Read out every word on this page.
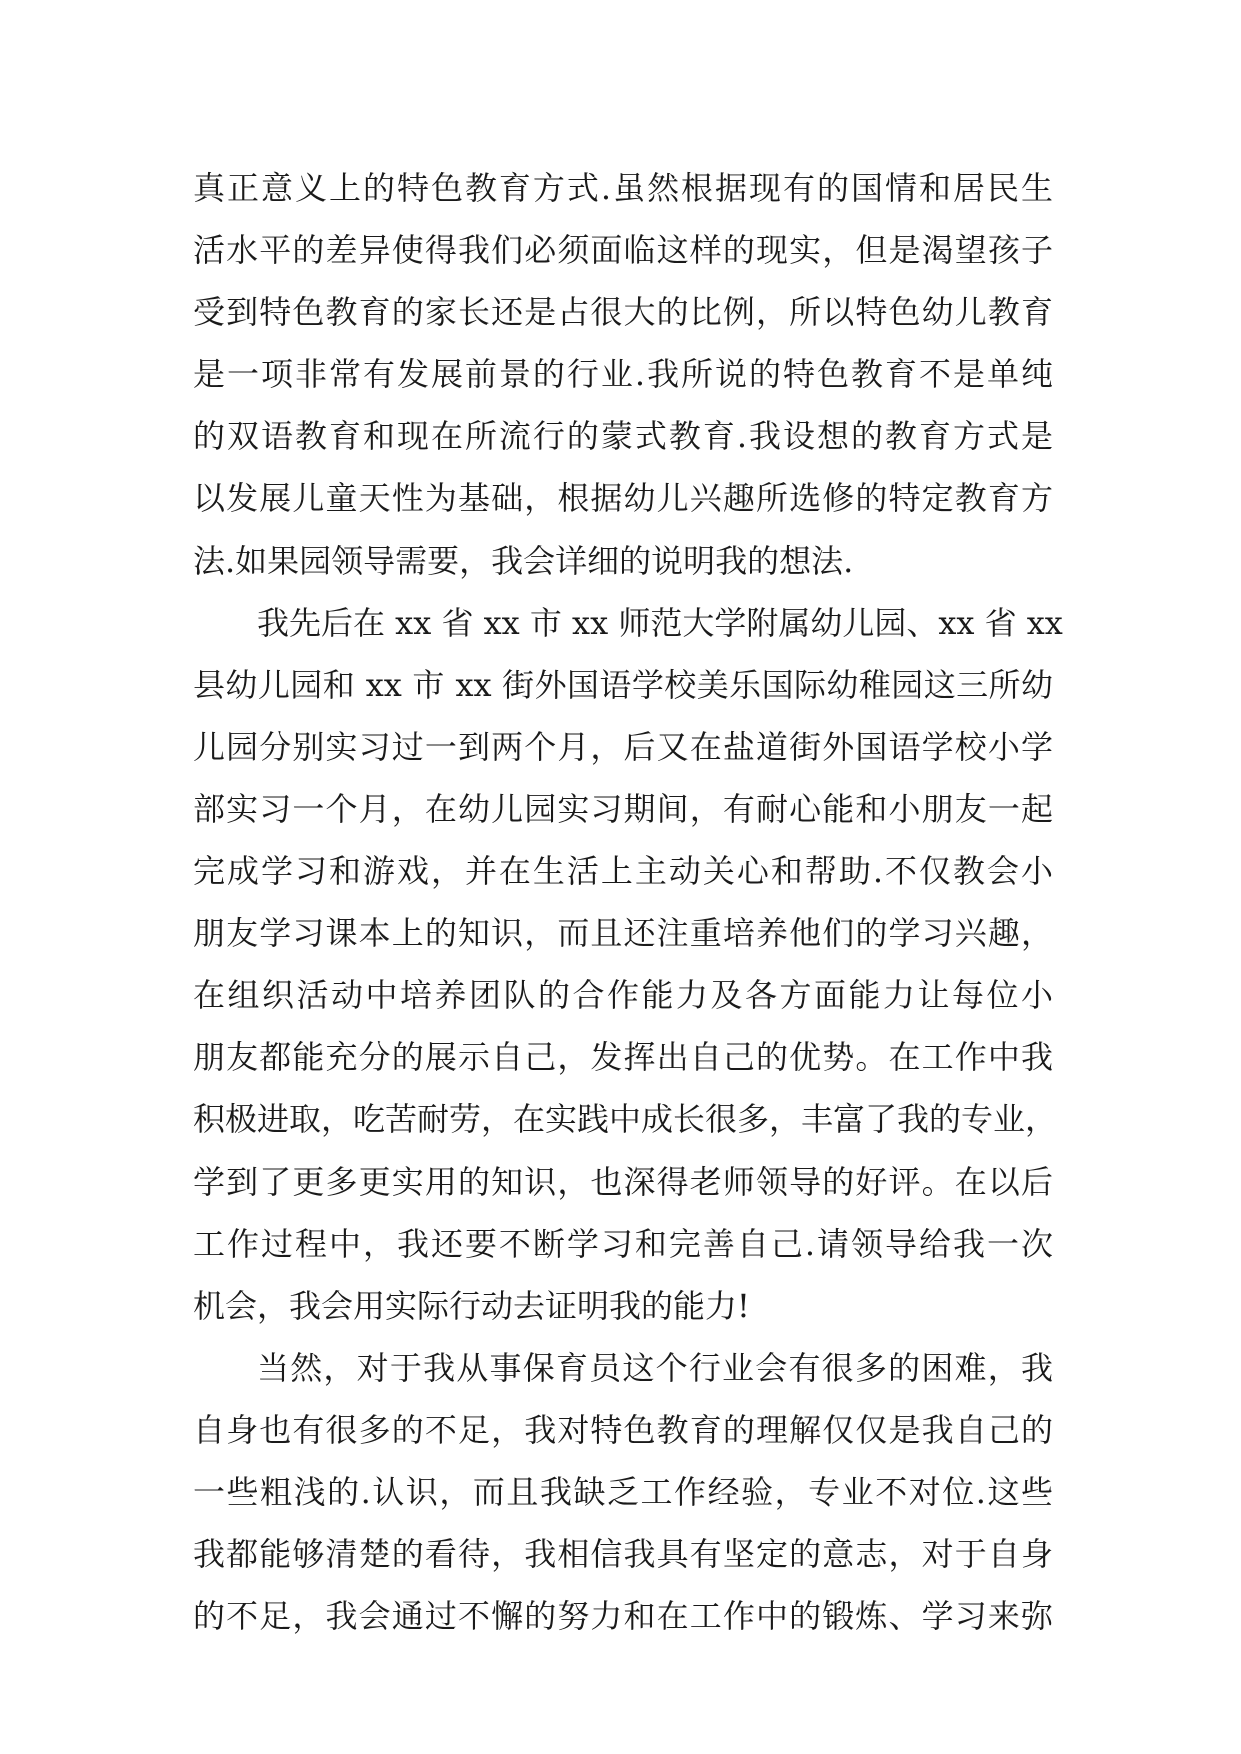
真正意义上的特色教育方式.虽然根据现有的国情和居民生
活水平的差异使得我们必须面临这样的现实，但是渴望孩子
受到特色教育的家长还是占很大的比例，所以特色幼儿教育
是一项非常有发展前景的行业.我所说的特色教育不是单纯
的双语教育和现在所流行的蒙式教育.我设想的教育方式是
以发展儿童天性为基础，根据幼儿兴趣所选修的特定教育方
法.如果园领导需要，我会详细的说明我的想法.
我先后在 xx 省 xx 市 xx 师范大学附属幼儿园、xx 省 xx
县幼儿园和 xx 市 xx 街外国语学校美乐国际幼稚园这三所幼
儿园分别实习过一到两个月，后又在盐道街外国语学校小学
部实习一个月，在幼儿园实习期间，有耐心能和小朋友一起
完成学习和游戏，并在生活上主动关心和帮助.不仅教会小
朋友学习课本上的知识，而且还注重培养他们的学习兴趣，
在组织活动中培养团队的合作能力及各方面能力让每位小
朋友都能充分的展示自己，发挥出自己的优势。在工作中我
积极进取，吃苦耐劳，在实践中成长很多，丰富了我的专业，
学到了更多更实用的知识，也深得老师领导的好评。在以后
工作过程中，我还要不断学习和完善自己.请领导给我一次
机会，我会用实际行动去证明我的能力!
当然，对于我从事保育员这个行业会有很多的困难，我
自身也有很多的不足，我对特色教育的理解仅仅是我自己的
一些粗浅的.认识，而且我缺乏工作经验，专业不对位.这些
我都能够清楚的看待，我相信我具有坚定的意志，对于自身
的不足，我会通过不懈的努力和在工作中的锻炼、学习来弥
